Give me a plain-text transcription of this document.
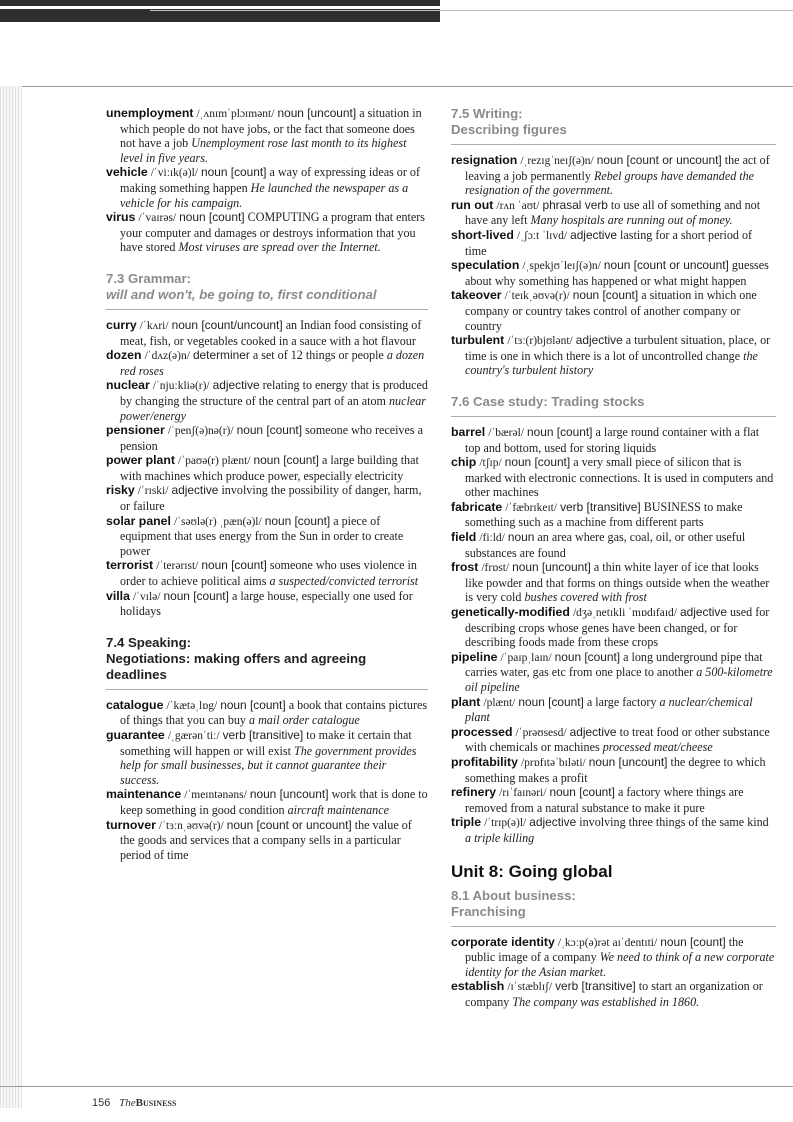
unemployment /ˌʌnɪmˈplɔɪmənt/ noun [uncount] a situation in which people do not have jobs, or the fact that someone does not have a job Unemployment rose last month to its highest level in five years.

vehicle /ˈviːɪk(ə)l/ noun [count] a way of expressing ideas or of making something happen He launched the newspaper as a vehicle for his campaign.

virus /ˈvaɪrəs/ noun [count] COMPUTING a program that enters your computer and damages or destroys information that you have stored Most viruses are spread over the Internet.

7.3 Grammar:
will and won't, be going to, first conditional

curry /ˈkʌri/ noun [count/uncount] an Indian food consisting of meat, fish, or vegetables cooked in a sauce with a hot flavour

dozen /ˈdʌz(ə)n/ determiner a set of 12 things or people a dozen red roses

nuclear /ˈnjuːkliə(r)/ adjective relating to energy that is produced by changing the structure of the central part of an atom nuclear power/energy

pensioner /ˈpenʃ(ə)nə(r)/ noun [count] someone who receives a pension

power plant /ˈpaʊə(r) plænt/ noun [count] a large building that with machines which produce power, especially electricity

risky /ˈrɪski/ adjective involving the possibility of danger, harm, or failure

solar panel /ˈsəʊlə(r) ˌpæn(ə)l/ noun [count] a piece of equipment that uses energy from the Sun in order to create power

terrorist /ˈterərɪst/ noun [count] someone who uses violence in order to achieve political aims a suspected/convicted terrorist

villa /ˈvɪlə/ noun [count] a large house, especially one used for holidays

7.4 Speaking:
Negotiations: making offers and agreeing deadlines

catalogue /ˈkætəˌlɒg/ noun [count] a book that contains pictures of things that you can buy a mail order catalogue

guarantee /ˌgærənˈtiː/ verb [transitive] to make it certain that something will happen or will exist The government provides help for small businesses, but it cannot guarantee their success.

maintenance /ˈmeɪntənəns/ noun [uncount] work that is done to keep something in good condition aircraft maintenance

turnover /ˈtɜːnˌəʊvə(r)/ noun [count or uncount] the value of the goods and services that a company sells in a particular period of time

7.5 Writing:
Describing figures

resignation /ˌrezɪgˈneɪʃ(ə)n/ noun [count or uncount] the act of leaving a job permanently Rebel groups have demanded the resignation of the government.

run out /rʌn ˈaʊt/ phrasal verb to use all of something and not have any left Many hospitals are running out of money.

short-lived /ˌʃɔːt ˈlɪvd/ adjective lasting for a short period of time

speculation /ˌspekjʊˈleɪʃ(ə)n/ noun [count or uncount] guesses about why something has happened or what might happen

takeover /ˈteɪkˌəʊvə(r)/ noun [count] a situation in which one company or country takes control of another company or country

turbulent /ˈtɜː(r)bjʊlənt/ adjective a turbulent situation, place, or time is one in which there is a lot of uncontrolled change the country's turbulent history

7.6 Case study: Trading stocks

barrel /ˈbærəl/ noun [count] a large round container with a flat top and bottom, used for storing liquids

chip /tʃɪp/ noun [count] a very small piece of silicon that is marked with electronic connections. It is used in computers and other machines

fabricate /ˈfæbrɪkeɪt/ verb [transitive] BUSINESS to make something such as a machine from different parts

field /fiːld/ noun an area where gas, coal, oil, or other useful substances are found

frost /frɒst/ noun [uncount] a thin white layer of ice that looks like powder and that forms on things outside when the weather is very cold bushes covered with frost

genetically-modified /dʒəˌnetɪkli ˈmɒdɪfaɪd/ adjective used for describing crops whose genes have been changed, or for describing foods made from these crops

pipeline /ˈpaɪpˌlaɪn/ noun [count] a long underground pipe that carries water, gas etc from one place to another a 500-kilometre oil pipeline

plant /plænt/ noun [count] a large factory a nuclear/chemical plant

processed /ˈprəʊsesd/ adjective to treat food or other substance with chemicals or machines processed meat/cheese

profitability /prɒfɪtəˈbɪləti/ noun [uncount] the degree to which something makes a profit

refinery /rɪˈfaɪnəri/ noun [count] a factory where things are removed from a natural substance to make it pure

triple /ˈtrɪp(ə)l/ adjective involving three things of the same kind a triple killing

Unit 8: Going global
8.1 About business:
Franchising

corporate identity /ˌkɔːp(ə)rət aɪˈdentɪti/ noun [count] the public image of a company We need to think of a new corporate identity for the Asian market.

establish /ɪˈstæblɪʃ/ verb [transitive] to start an organization or company The company was established in 1860.

156 TheBusiness
